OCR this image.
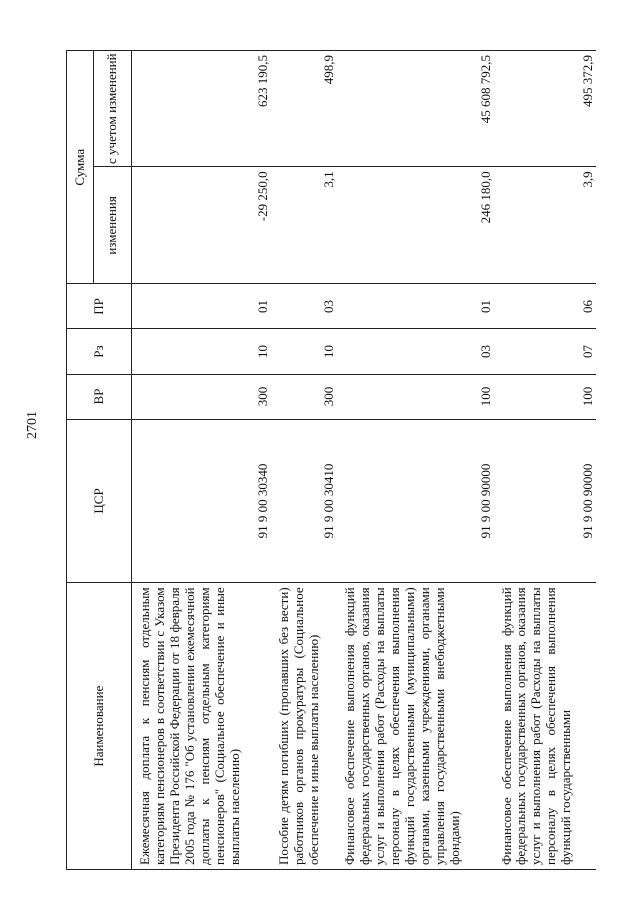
2701
Наименование	ЦСР	ВР	Рз	ПР	Сумма	
					изменения	с учетом изменений
Ежемесячная доплата к пенсиям отдельным категориям пенсионеров в соответствии с Указом Президента Российской Федерации от 18 февраля 2005 года № 176 "Об установлении ежемесячной доплаты к пенсиям отдельным категориям пенсионеров" (Социальное обеспечение и иные выплаты населению)	91 9 00 30340	300	10	01	-29 250,0	623 190,5
Пособие детям погибших (пропавших без вести) работников органов прокуратуры (Социальное обеспечение и иные выплаты населению)	91 9 00 30410	300	10	03	3,1	498,9
Финансовое обеспечение выполнения функций федеральных государственных органов, оказания услуг и выполнения работ (Расходы на выплаты персоналу в целях обеспечения выполнения функций государственными (муниципальными) органами, казенными учреждениями, органами управления государственными внебюджетными фондами)	91 9 00 90000	100	03	01	246 180,0	45 608 792,5
Финансовое обеспечение выполнения функций федеральных государственных органов, оказания услуг и выполнения работ (Расходы на выплаты персоналу в целях обеспечения выполнения функций государственными	91 9 00 90000	100	07	06	3,9	495 372,9
